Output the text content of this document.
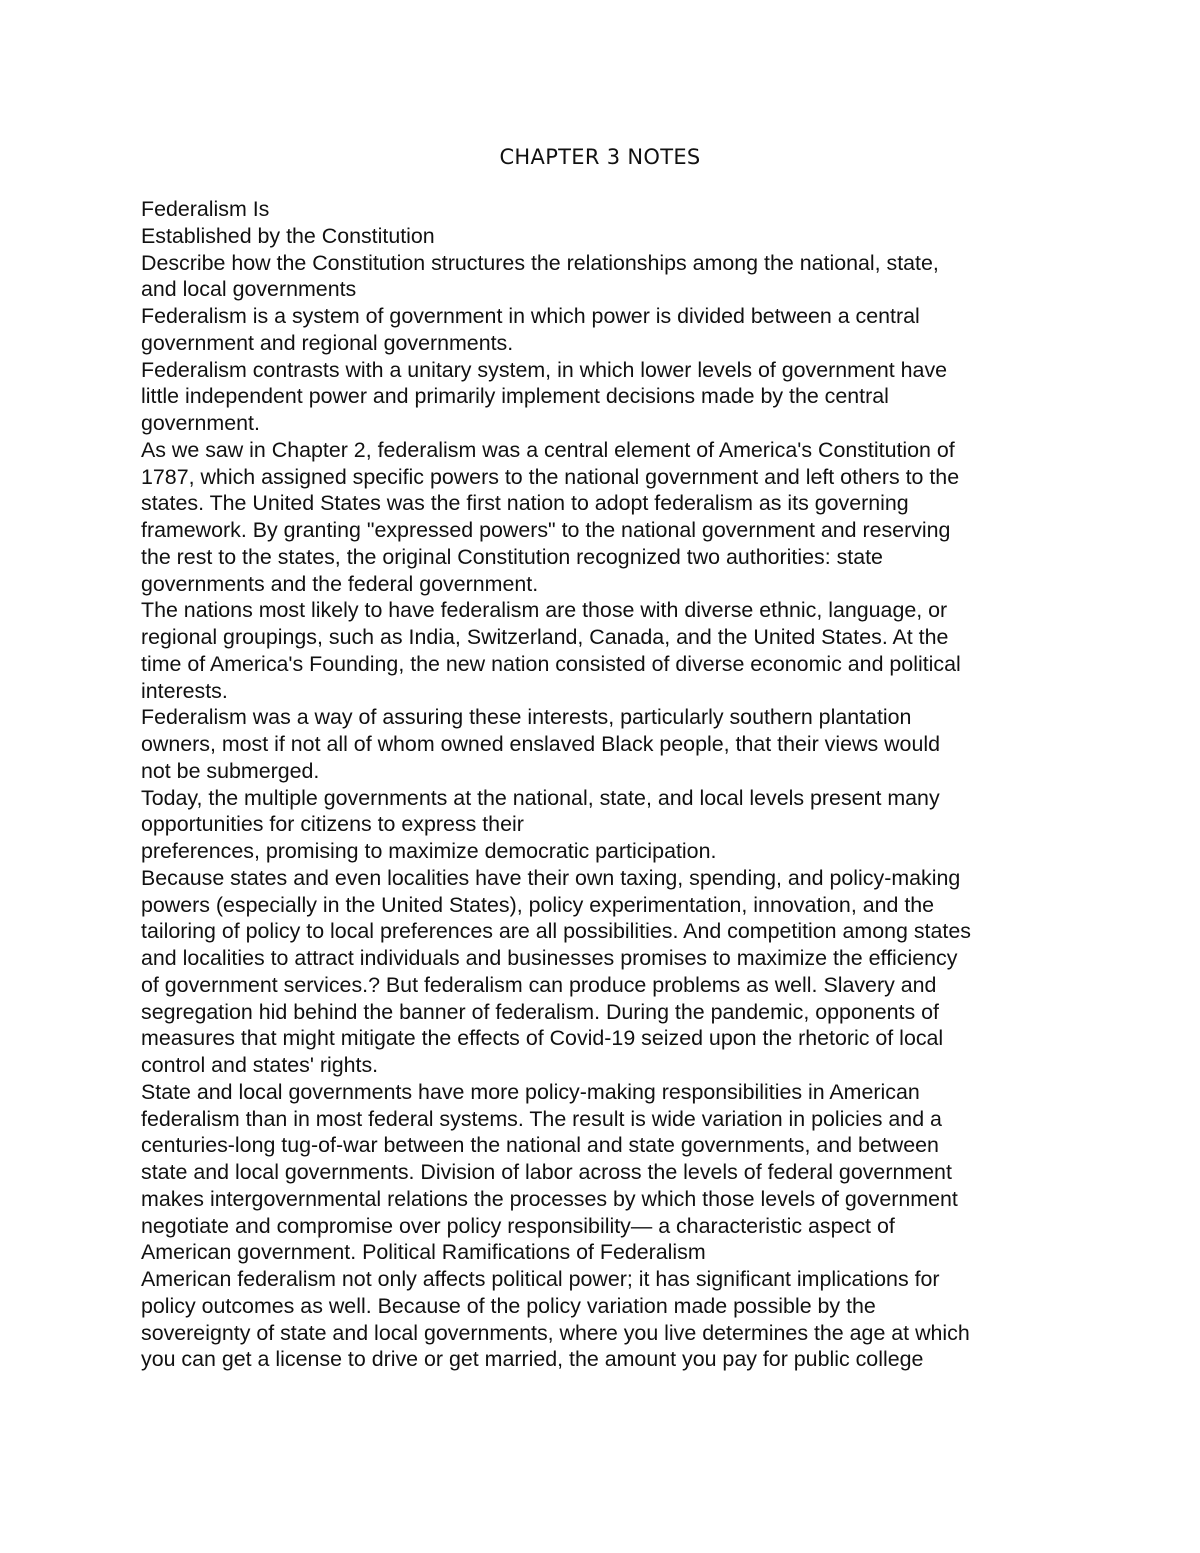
CHAPTER 3 NOTES
Federalism Is
Established by the Constitution
Describe how the Constitution structures the relationships among the national, state,
and local governments
Federalism is a system of government in which power is divided between a central
government and regional governments.
Federalism contrasts with a unitary system, in which lower levels of government have
little independent power and primarily implement decisions made by the central
government.
As we saw in Chapter 2, federalism was a central element of America's Constitution of
1787, which assigned specific powers to the national government and left others to the
states. The United States was the first nation to adopt federalism as its governing
framework. By granting "expressed powers" to the national government and reserving
the rest to the states, the original Constitution recognized two authorities: state
governments and the federal government.
The nations most likely to have federalism are those with diverse ethnic, language, or
regional groupings, such as India, Switzerland, Canada, and the United States. At the
time of America's Founding, the new nation consisted of diverse economic and political
interests.
Federalism was a way of assuring these interests, particularly southern plantation
owners, most if not all of whom owned enslaved Black people, that their views would
not be submerged.
Today, the multiple governments at the national, state, and local levels present many
opportunities for citizens to express their
preferences, promising to maximize democratic participation.
Because states and even localities have their own taxing, spending, and policy-making
powers (especially in the United States), policy experimentation, innovation, and the
tailoring of policy to local preferences are all possibilities. And competition among states
and localities to attract individuals and businesses promises to maximize the efficiency
of government services.? But federalism can produce problems as well. Slavery and
segregation hid behind the banner of federalism. During the pandemic, opponents of
measures that might mitigate the effects of Covid-19 seized upon the rhetoric of local
control and states' rights.
State and local governments have more policy-making responsibilities in American
federalism than in most federal systems. The result is wide variation in policies and a
centuries-long tug-of-war between the national and state governments, and between
state and local governments. Division of labor across the levels of federal government
makes intergovernmental relations the processes by which those levels of government
negotiate and compromise over policy responsibility— a characteristic aspect of
American government. Political Ramifications of Federalism
American federalism not only affects political power; it has significant implications for
policy outcomes as well. Because of the policy variation made possible by the
sovereignty of state and local governments, where you live determines the age at which
you can get a license to drive or get married, the amount you pay for public college
